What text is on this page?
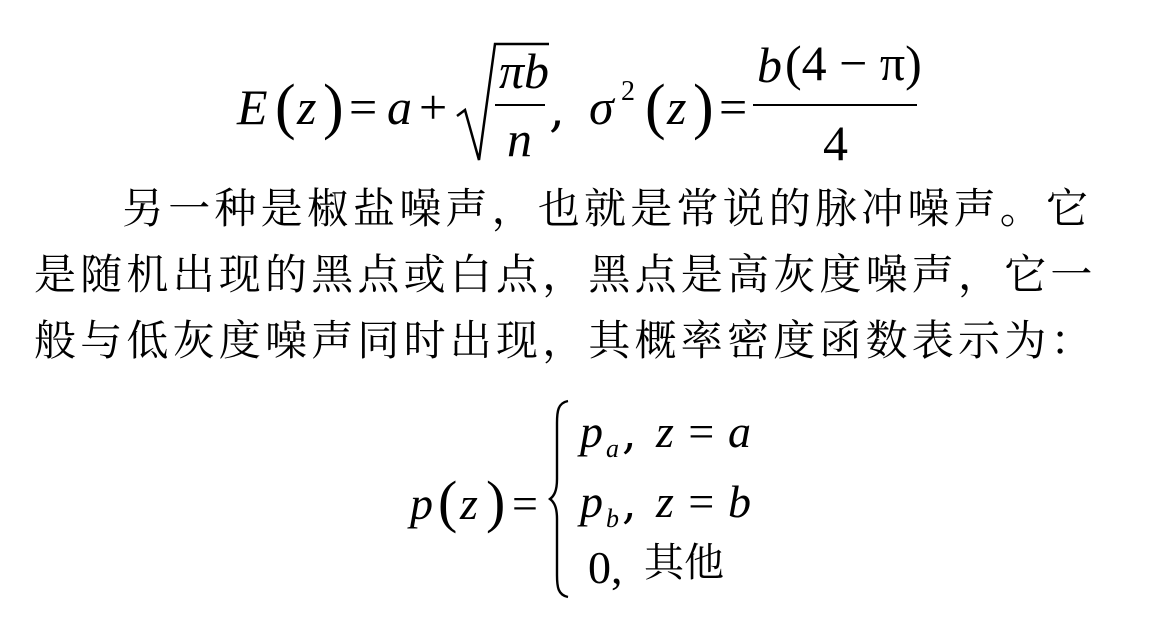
E ( z ) = a +
πb
n
, σ 2 ( z ) =
b (4 − π)
4
另一种是椒盐噪声，也就是常说的脉冲噪声。它
是随机出现的黑点或白点，黑点是高灰度噪声，它一
般与低灰度噪声同时出现，其概率密度函数表示为：
p ( z ) =
p $_a$ , z = a
p $_b$ , z = b
0, 其他
